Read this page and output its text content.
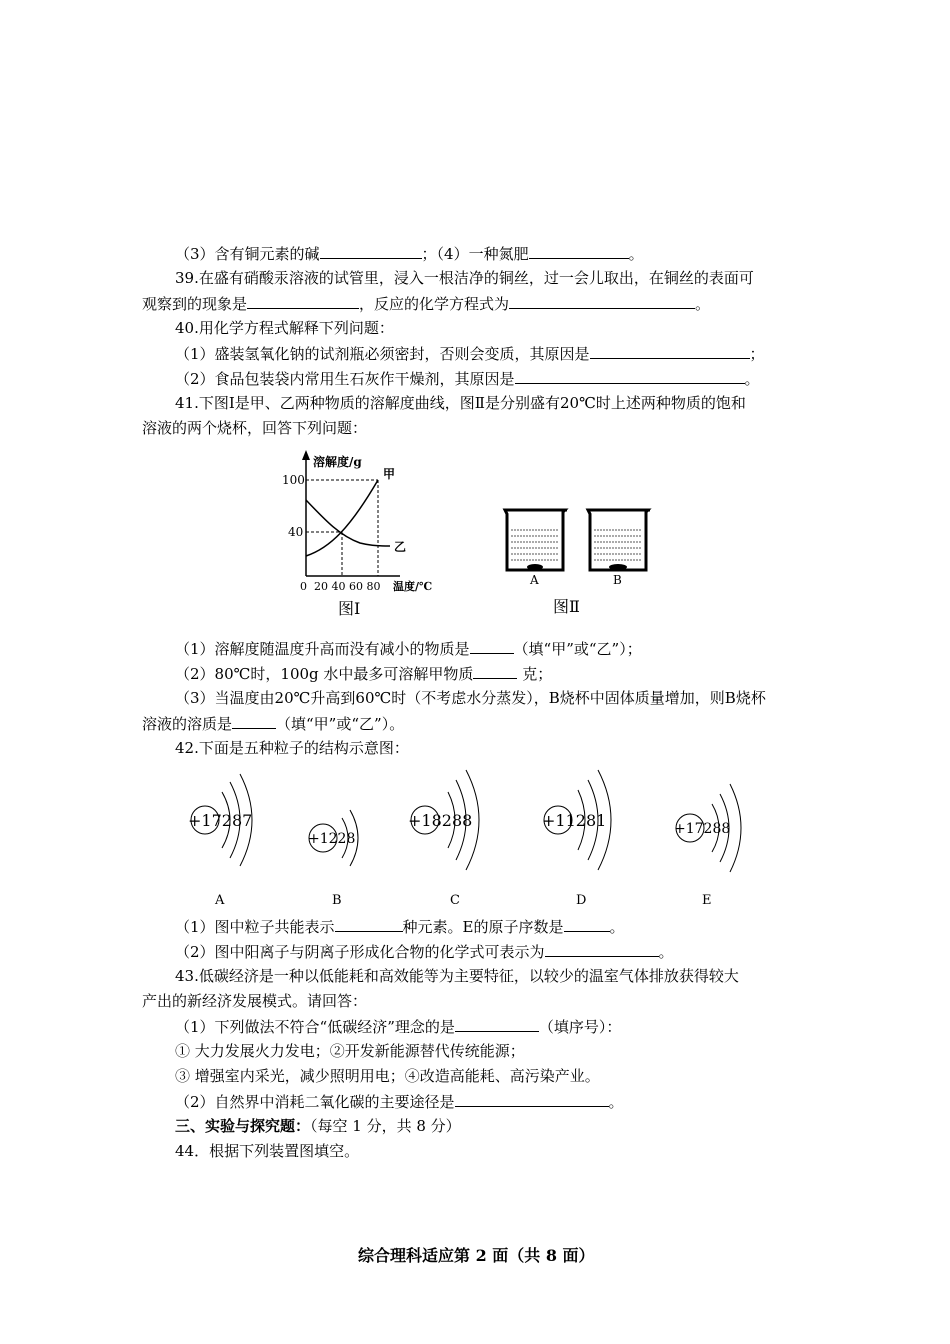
（3）含有铜元素的碱	；（4）一种氮肥	。
39.在盛有硝酸汞溶液的试管里，浸入一根洁净的铜丝，过一会儿取出，在铜丝的表面可
观察到的现象是	，反应的化学方程式为	。
40.用化学方程式解释下列问题：
（1）盛装氢氧化钠的试剂瓶必须密封，否则会变质，其原因是	；
（2）食品包装袋内常用生石灰作干燥剂，其原因是	。
41.下图Ⅰ是甲、乙两种物质的溶解度曲线，图Ⅱ是分别盛有20℃时上述两种物质的饱和
溶液的两个烧杯，回答下列问题：
溶解度/g
100
40
甲
乙
0  20 40 60 80 温度/℃
图Ⅰ
A	B
图Ⅱ
（1）溶解度随温度升高而没有减小的物质是	（填“甲”或“乙”）；
（2）80℃时，100g 水中最多可溶解甲物质	克；
（3）当温度由20℃升高到60℃时（不考虑水分蒸发），B烧杯中固体质量增加，则B烧杯
溶液的溶质是	（填“甲”或“乙”）。
42.下面是五种粒子的结构示意图：
+17287
A
+1228
B
+18288
C
+11281
D
+17288
E
（1）图中粒子共能表示	种元素。E的原子序数是	。
（2）图中阳离子与阴离子形成化合物的化学式可表示为	。
43.低碳经济是一种以低能耗和高效能等为主要特征，以较少的温室气体排放获得较大
产出的新经济发展模式。请回答：
（1）下列做法不符合“低碳经济”理念的是	（填序号）：
① 大力发展火力发电；②开发新能源替代传统能源；
③ 增强室内采光，减少照明用电；④改造高能耗、高污染产业。
（2）自然界中消耗二氧化碳的主要途径是	。
三、实验与探究题：（每空 1 分，共 8 分）
44．根据下列装置图填空。
综合理科适应第 2 面（共 8 面）
